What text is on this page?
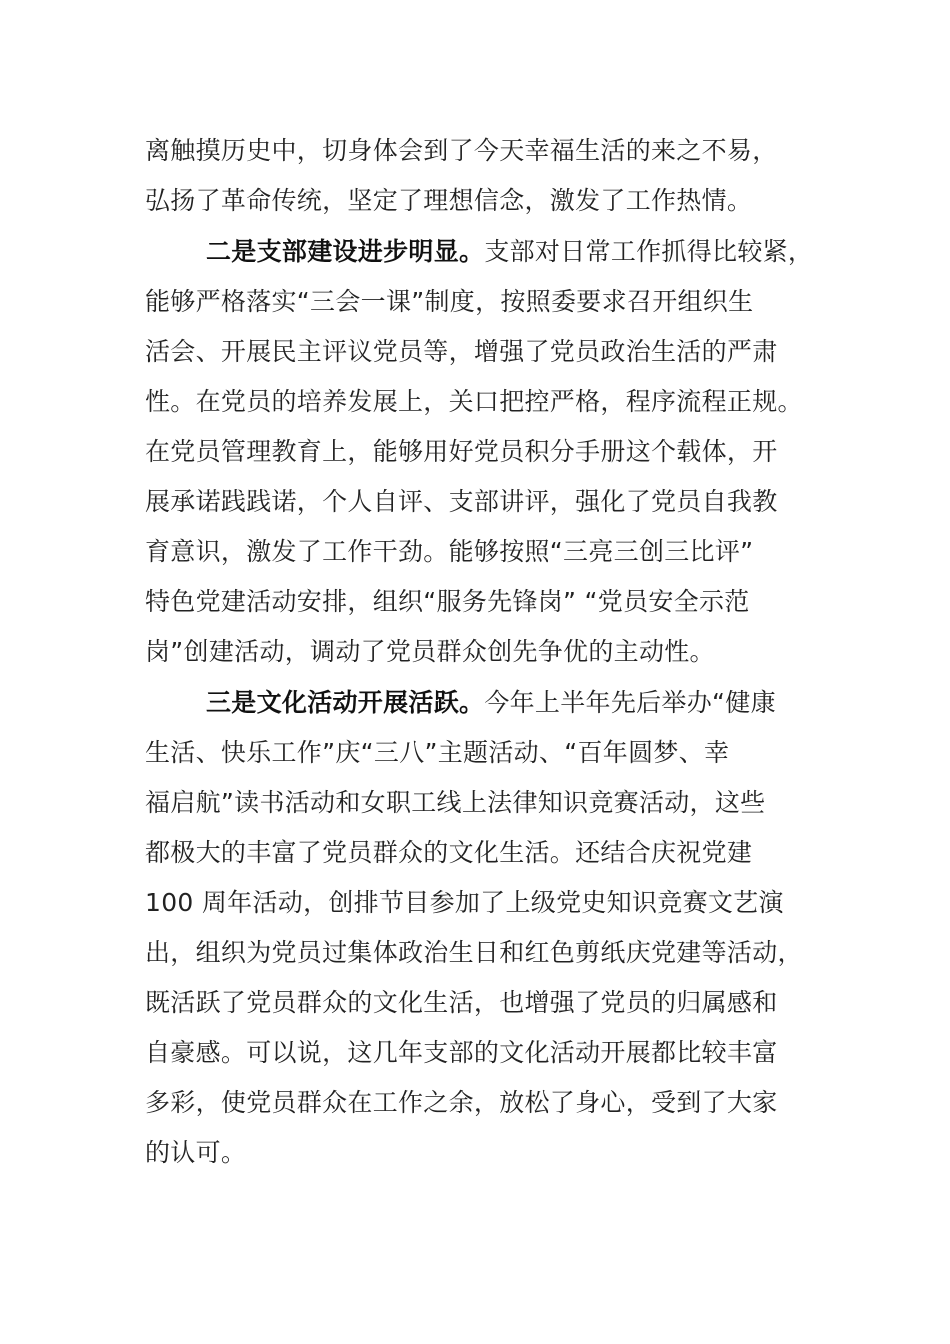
离触摸历史中，切身体会到了今天幸福生活的来之不易，
弘扬了革命传统，坚定了理想信念，激发了工作热情。
二是支部建设进步明显。支部对日常工作抓得比较紧，
能够严格落实“三会一课”制度，按照委要求召开组织生
活会、开展民主评议党员等，增强了党员政治生活的严肃
性。在党员的培养发展上，关口把控严格，程序流程正规。
在党员管理教育上，能够用好党员积分手册这个载体，开
展承诺践践诺，个人自评、支部讲评，强化了党员自我教
育意识，激发了工作干劲。能够按照“三亮三创三比评”
特色党建活动安排，组织“服务先锋岗” “党员安全示范
岗”创建活动，调动了党员群众创先争优的主动性。
三是文化活动开展活跃。今年上半年先后举办“健康
生活、快乐工作”庆“三八”主题活动、“百年圆梦、幸
福启航”读书活动和女职工线上法律知识竞赛活动，这些
都极大的丰富了党员群众的文化生活。还结合庆祝党建
100 周年活动，创排节目参加了上级党史知识竞赛文艺演
出，组织为党员过集体政治生日和红色剪纸庆党建等活动，
既活跃了党员群众的文化生活，也增强了党员的归属感和
自豪感。可以说，这几年支部的文化活动开展都比较丰富
多彩，使党员群众在工作之余，放松了身心，受到了大家
的认可。
